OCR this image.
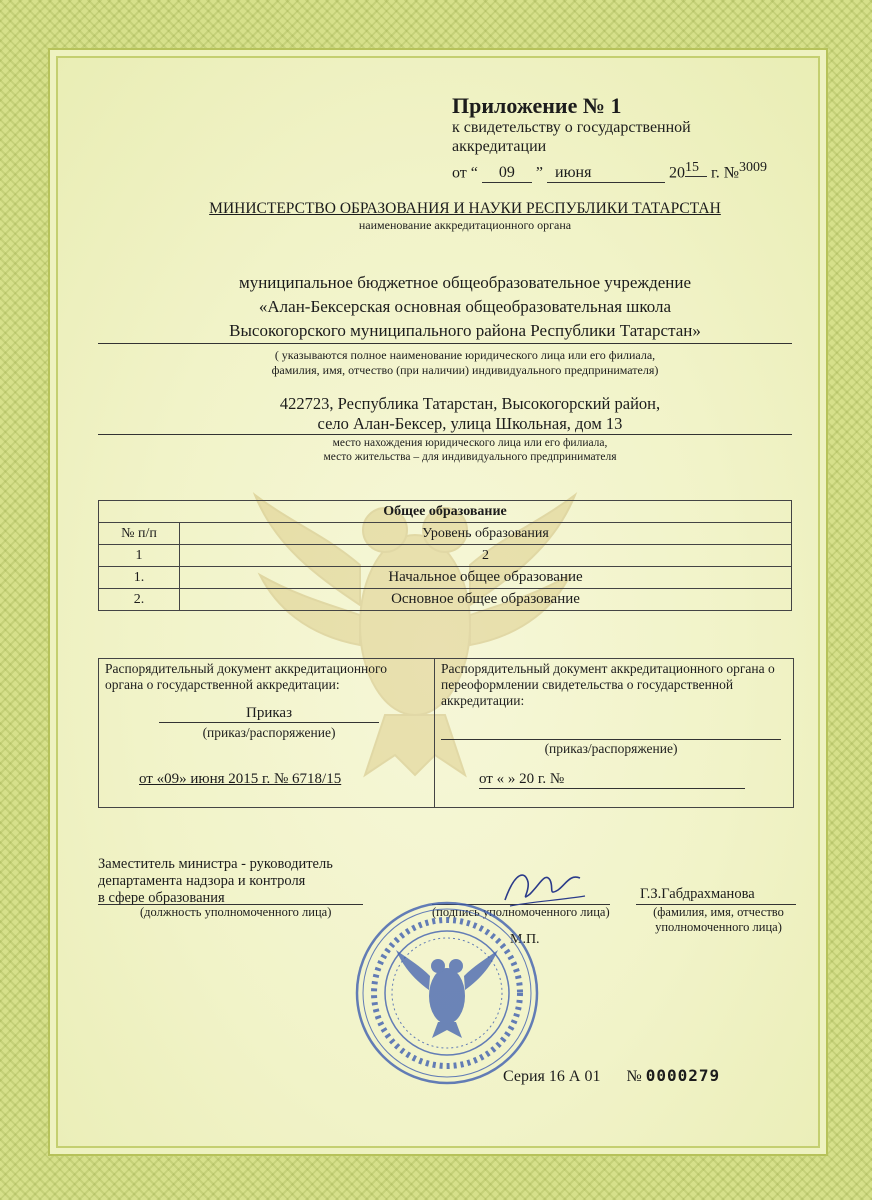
Приложение № 1
к свидетельству о государственной аккредитации
от “ 09 ” июня	$20^{15}$ г. №$^{3009}$
МИНИСТЕРСТВО ОБРАЗОВАНИЯ И НАУКИ РЕСПУБЛИКИ ТАТАРСТАН
наименование аккредитационного органа
муниципальное бюджетное общеобразовательное учреждение
«Алан-Бексерская основная общеобразовательная школа
Высокогорского муниципального района Республики Татарстан»
( указываются полное наименование юридического лица или его филиала,
фамилия, имя, отчество (при наличии) индивидуального предпринимателя)
422723, Республика Татарстан, Высокогорский район,
село Алан-Бексер, улица Школьная, дом 13
место нахождения юридического лица или его филиала,
место жительства – для индивидуального предпринимателя
Общее образование	
№ п/п	Уровень образования
1	2
1.	Начальное общее образование
2.	Основное общее образование
Распорядительный документ аккредитационного органа о государственной аккредитации:
Приказ
(приказ/распоряжение)
от «09» июня 2015 г. № 6718/15
Распорядительный документ аккредитационного органа о переоформлении свидетельства о государственной аккредитации:
(приказ/распоряжение)
от « » 20 г. №
Заместитель министра - руководитель
департамента надзора и контроля
в сфере образования
(должность уполномоченного лица)	(подпись уполномоченного лица)
Г.З.Габдрахманова
(фамилия, имя, отчество
уполномоченного лица)
М.П.
Серия 16 А 01 № 0000279
